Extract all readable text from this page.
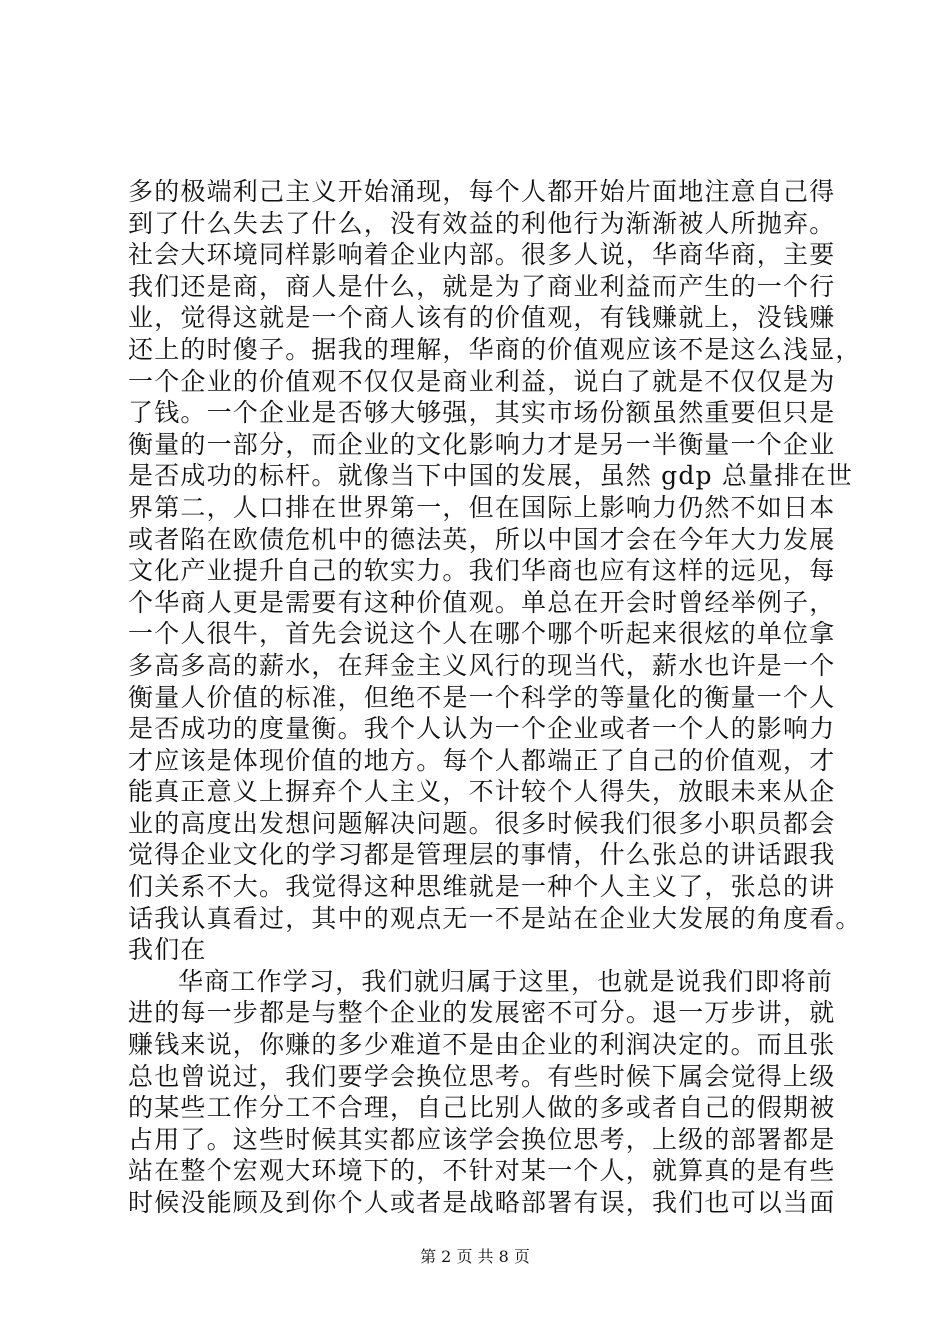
多的极端利己主义开始涌现，每个人都开始片面地注意自己得
到了什么失去了什么，没有效益的利他行为渐渐被人所抛弃。
社会大环境同样影响着企业内部。很多人说，华商华商，主要
我们还是商，商人是什么，就是为了商业利益而产生的一个行
业，觉得这就是一个商人该有的价值观，有钱赚就上，没钱赚
还上的时傻子。据我的理解，华商的价值观应该不是这么浅显，
一个企业的价值观不仅仅是商业利益，说白了就是不仅仅是为
了钱。一个企业是否够大够强，其实市场份额虽然重要但只是
衡量的一部分，而企业的文化影响力才是另一半衡量一个企业
是否成功的标杆。就像当下中国的发展，虽然 gdp 总量排在世
界第二，人口排在世界第一，但在国际上影响力仍然不如日本
或者陷在欧债危机中的德法英，所以中国才会在今年大力发展
文化产业提升自己的软实力。我们华商也应有这样的远见，每
个华商人更是需要有这种价值观。单总在开会时曾经举例子，
一个人很牛，首先会说这个人在哪个哪个听起来很炫的单位拿
多高多高的薪水，在拜金主义风行的现当代，薪水也许是一个
衡量人价值的标准，但绝不是一个科学的等量化的衡量一个人
是否成功的度量衡。我个人认为一个企业或者一个人的影响力
才应该是体现价值的地方。每个人都端正了自己的价值观，才
能真正意义上摒弃个人主义，不计较个人得失，放眼未来从企
业的高度出发想问题解决问题。很多时候我们很多小职员都会
觉得企业文化的学习都是管理层的事情，什么张总的讲话跟我
们关系不大。我觉得这种思维就是一种个人主义了，张总的讲
话我认真看过，其中的观点无一不是站在企业大发展的角度看。
我们在
华商工作学习，我们就归属于这里，也就是说我们即将前
进的每一步都是与整个企业的发展密不可分。退一万步讲，就
赚钱来说，你赚的多少难道不是由企业的利润决定的。而且张
总也曾说过，我们要学会换位思考。有些时候下属会觉得上级
的某些工作分工不合理，自己比别人做的多或者自己的假期被
占用了。这些时候其实都应该学会换位思考，上级的部署都是
站在整个宏观大环境下的，不针对某一个人，就算真的是有些
时候没能顾及到你个人或者是战略部署有误，我们也可以当面
第 2 页 共 8 页
